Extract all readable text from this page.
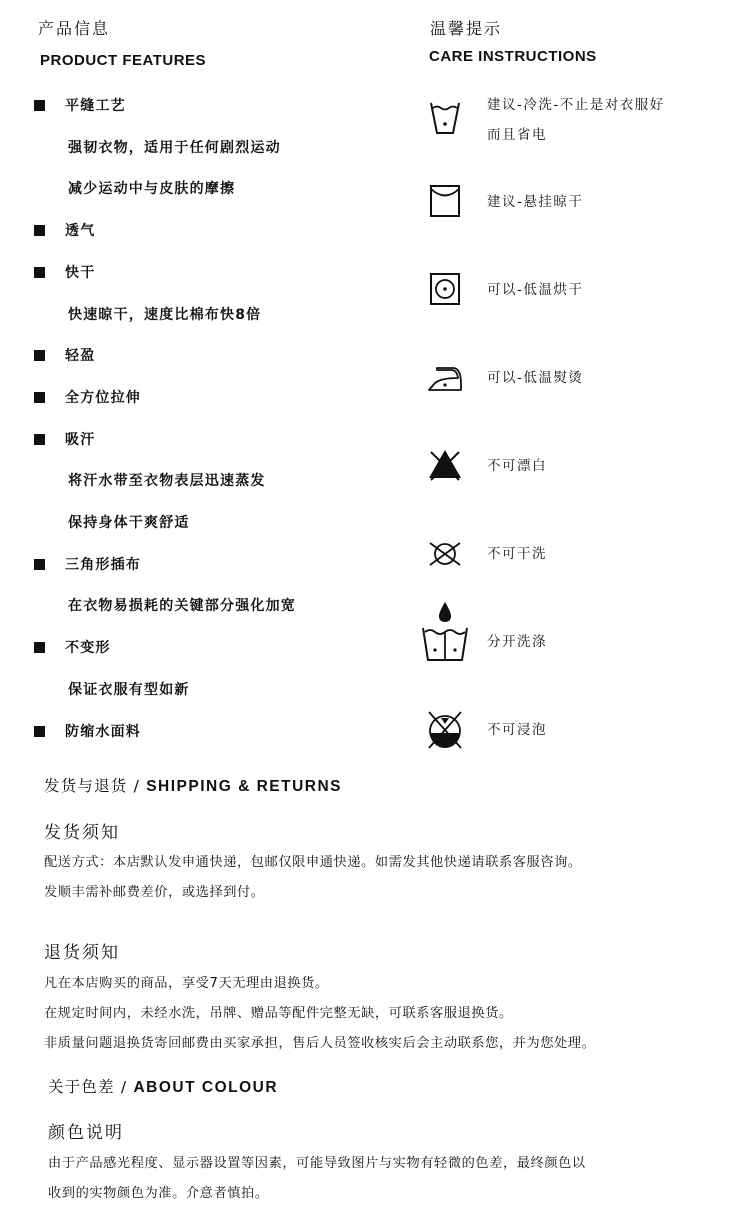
产品信息
PRODUCT FEATURES
平缝工艺
强韧衣物，适用于任何剧烈运动
减少运动中与皮肤的摩擦
透气
快干
快速晾干，速度比棉布快8倍
轻盈
全方位拉伸
吸汗
将汗水带至衣物表层迅速蒸发
保持身体干爽舒适
三角形插布
在衣物易损耗的关键部分强化加宽
不变形
保证衣服有型如新
防缩水面料
温馨提示
CARE INSTRUCTIONS
建议-冷洗-不止是对衣服好
而且省电
建议-悬挂晾干
可以-低温烘干
可以-低温熨烫
不可漂白
不可干洗
分开洗涤
不可浸泡
发货与退货 / SHIPPING & RETURNS
发货须知
配送方式：本店默认发申通快递，包邮仅限申通快递。如需发其他快递请联系客服咨询。
发顺丰需补邮费差价，或选择到付。
退货须知
凡在本店购买的商品，享受7天无理由退换货。
在规定时间内，未经水洗，吊牌、赠品等配件完整无缺，可联系客服退换货。
非质量问题退换货寄回邮费由买家承担，售后人员签收核实后会主动联系您，并为您处理。
关于色差 / ABOUT COLOUR
颜色说明
由于产品感光程度、显示器设置等因素，可能导致图片与实物有轻微的色差，最终颜色以
收到的实物颜色为准。介意者慎拍。
